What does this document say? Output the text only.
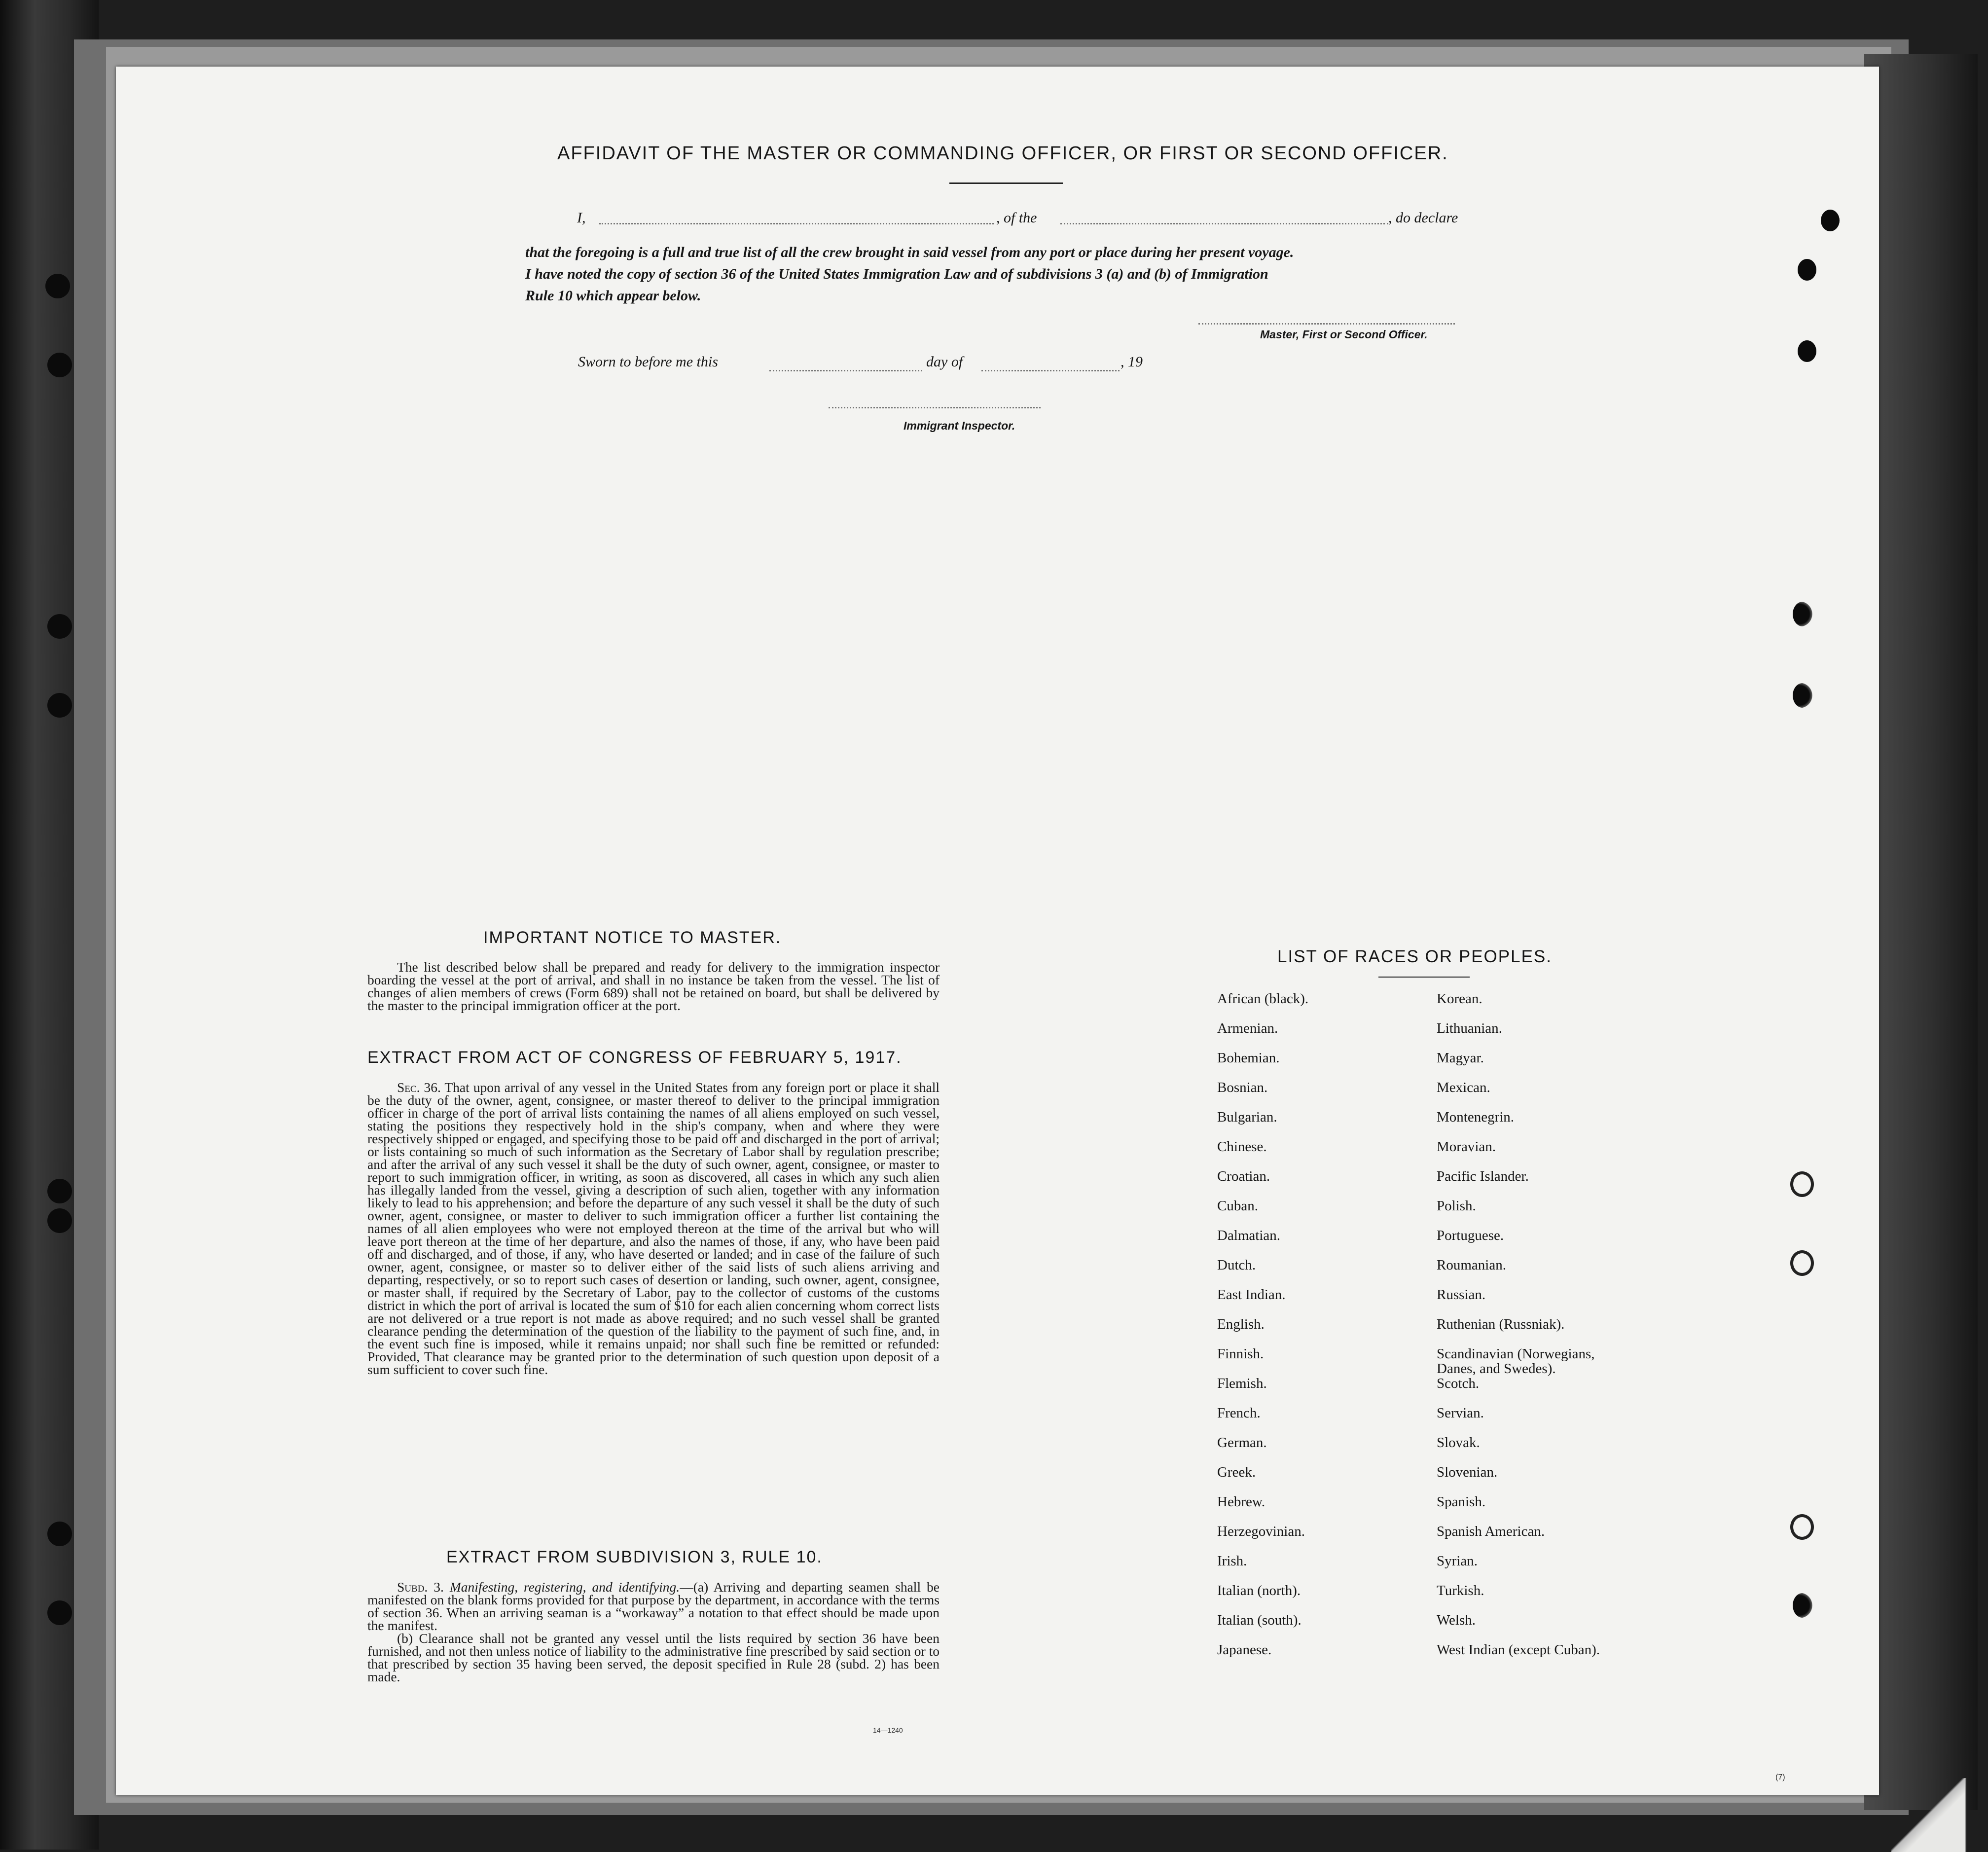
AFFIDAVIT OF THE MASTER OR COMMANDING OFFICER, OR FIRST OR SECOND OFFICER.
I,	, of the	, do declare
that the foregoing is a full and true list of all the crew brought in said vessel from any port or place during her present voyage.
I have noted the copy of section 36 of the United States Immigration Law and of subdivisions 3 (a) and (b) of Immigration
Rule 10 which appear below.
Master, First or Second Officer.
Sworn to before me this	day of	, 19
Immigrant Inspector.
IMPORTANT NOTICE TO MASTER.
The list described below shall be prepared and ready for delivery to the immigration inspector boarding the vessel at the port of arrival, and shall in no instance be taken from the vessel. The list of changes of alien members of crews (Form 689) shall not be retained on board, but shall be delivered by the master to the principal immigration officer at the port.
EXTRACT FROM ACT OF CONGRESS OF FEBRUARY 5, 1917.
Sec. 36. That upon arrival of any vessel in the United States from any foreign port or place it shall be the duty of the owner, agent, consignee, or master thereof to deliver to the principal immigration officer in charge of the port of arrival lists containing the names of all aliens employed on such vessel, stating the positions they respectively hold in the ship's company, when and where they were respectively shipped or engaged, and specifying those to be paid off and discharged in the port of arrival; or lists containing so much of such information as the Secretary of Labor shall by regulation prescribe; and after the arrival of any such vessel it shall be the duty of such owner, agent, consignee, or master to report to such immigration officer, in writing, as soon as discovered, all cases in which any such alien has illegally landed from the vessel, giving a description of such alien, together with any information likely to lead to his apprehension; and before the departure of any such vessel it shall be the duty of such owner, agent, consignee, or master to deliver to such immigration officer a further list containing the names of all alien employees who were not employed thereon at the time of the arrival but who will leave port thereon at the time of her departure, and also the names of those, if any, who have been paid off and discharged, and of those, if any, who have deserted or landed; and in case of the failure of such owner, agent, consignee, or master so to deliver either of the said lists of such aliens arriving and departing, respectively, or so to report such cases of desertion or landing, such owner, agent, consignee, or master shall, if required by the Secretary of Labor, pay to the collector of customs of the customs district in which the port of arrival is located the sum of $10 for each alien concerning whom correct lists are not delivered or a true report is not made as above required; and no such vessel shall be granted clearance pending the determination of the question of the liability to the payment of such fine, and, in the event such fine is imposed, while it remains unpaid; nor shall such fine be remitted or refunded: Provided, That clearance may be granted prior to the determination of such question upon deposit of a sum sufficient to cover such fine.
EXTRACT FROM SUBDIVISION 3, RULE 10.
Subd. 3. Manifesting, registering, and identifying.—(a) Arriving and departing seamen shall be manifested on the blank forms provided for that purpose by the department, in accordance with the terms of section 36. When an arriving seaman is a “workaway” a notation to that effect should be made upon the manifest.
(b) Clearance shall not be granted any vessel until the lists required by section 36 have been furnished, and not then unless notice of liability to the administrative fine prescribed by said section or to that prescribed by section 35 having been served, the deposit specified in Rule 28 (subd. 2) has been made.
14—1240
(7)
LIST OF RACES OR PEOPLES.
African (black).
Armenian.
Bohemian.
Bosnian.
Bulgarian.
Chinese.
Croatian.
Cuban.
Dalmatian.
Dutch.
East Indian.
English.
Finnish.
Flemish.
French.
German.
Greek.
Hebrew.
Herzegovinian.
Irish.
Italian (north).
Italian (south).
Japanese.
Korean.
Lithuanian.
Magyar.
Mexican.
Montenegrin.
Moravian.
Pacific Islander.
Polish.
Portuguese.
Roumanian.
Russian.
Ruthenian (Russniak).
Scandinavian (Norwegians, Danes, and Swedes).
Scotch.
Servian.
Slovak.
Slovenian.
Spanish.
Spanish American.
Syrian.
Turkish.
Welsh.
West Indian (except Cuban).
